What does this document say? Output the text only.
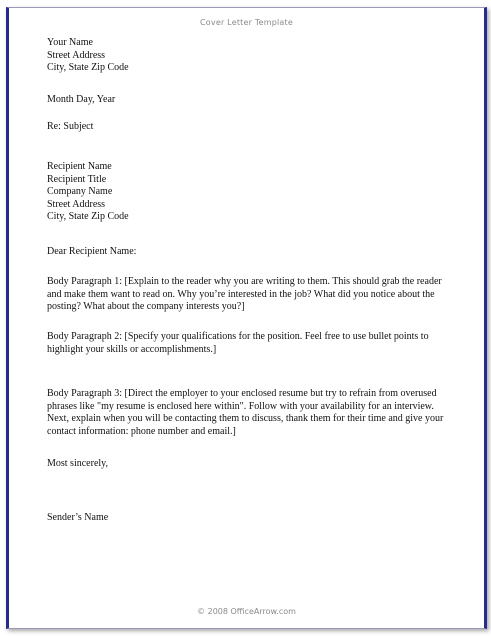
Cover Letter Template
Your Name
Street Address
City, State Zip Code
Month Day, Year
Re: Subject
Recipient Name
Recipient Title
Company Name
Street Address
City, State Zip Code
Dear Recipient Name:
Body Paragraph 1: [Explain to the reader why you are writing to them. This should grab the reader and make them want to read on. Why you’re interested in the job? What did you notice about the posting? What about the company interests you?]
Body Paragraph 2: [Specify your qualifications for the position. Feel free to use bullet points to highlight your skills or accomplishments.]
Body Paragraph 3: [Direct the employer to your enclosed resume but try to refrain from overused phrases like "my resume is enclosed here within". Follow with your availability for an interview. Next, explain when you will be contacting them to discuss, thank them for their time and give your contact information: phone number and email.]
Most sincerely,
Sender’s Name
© 2008 OfficeArrow.com
